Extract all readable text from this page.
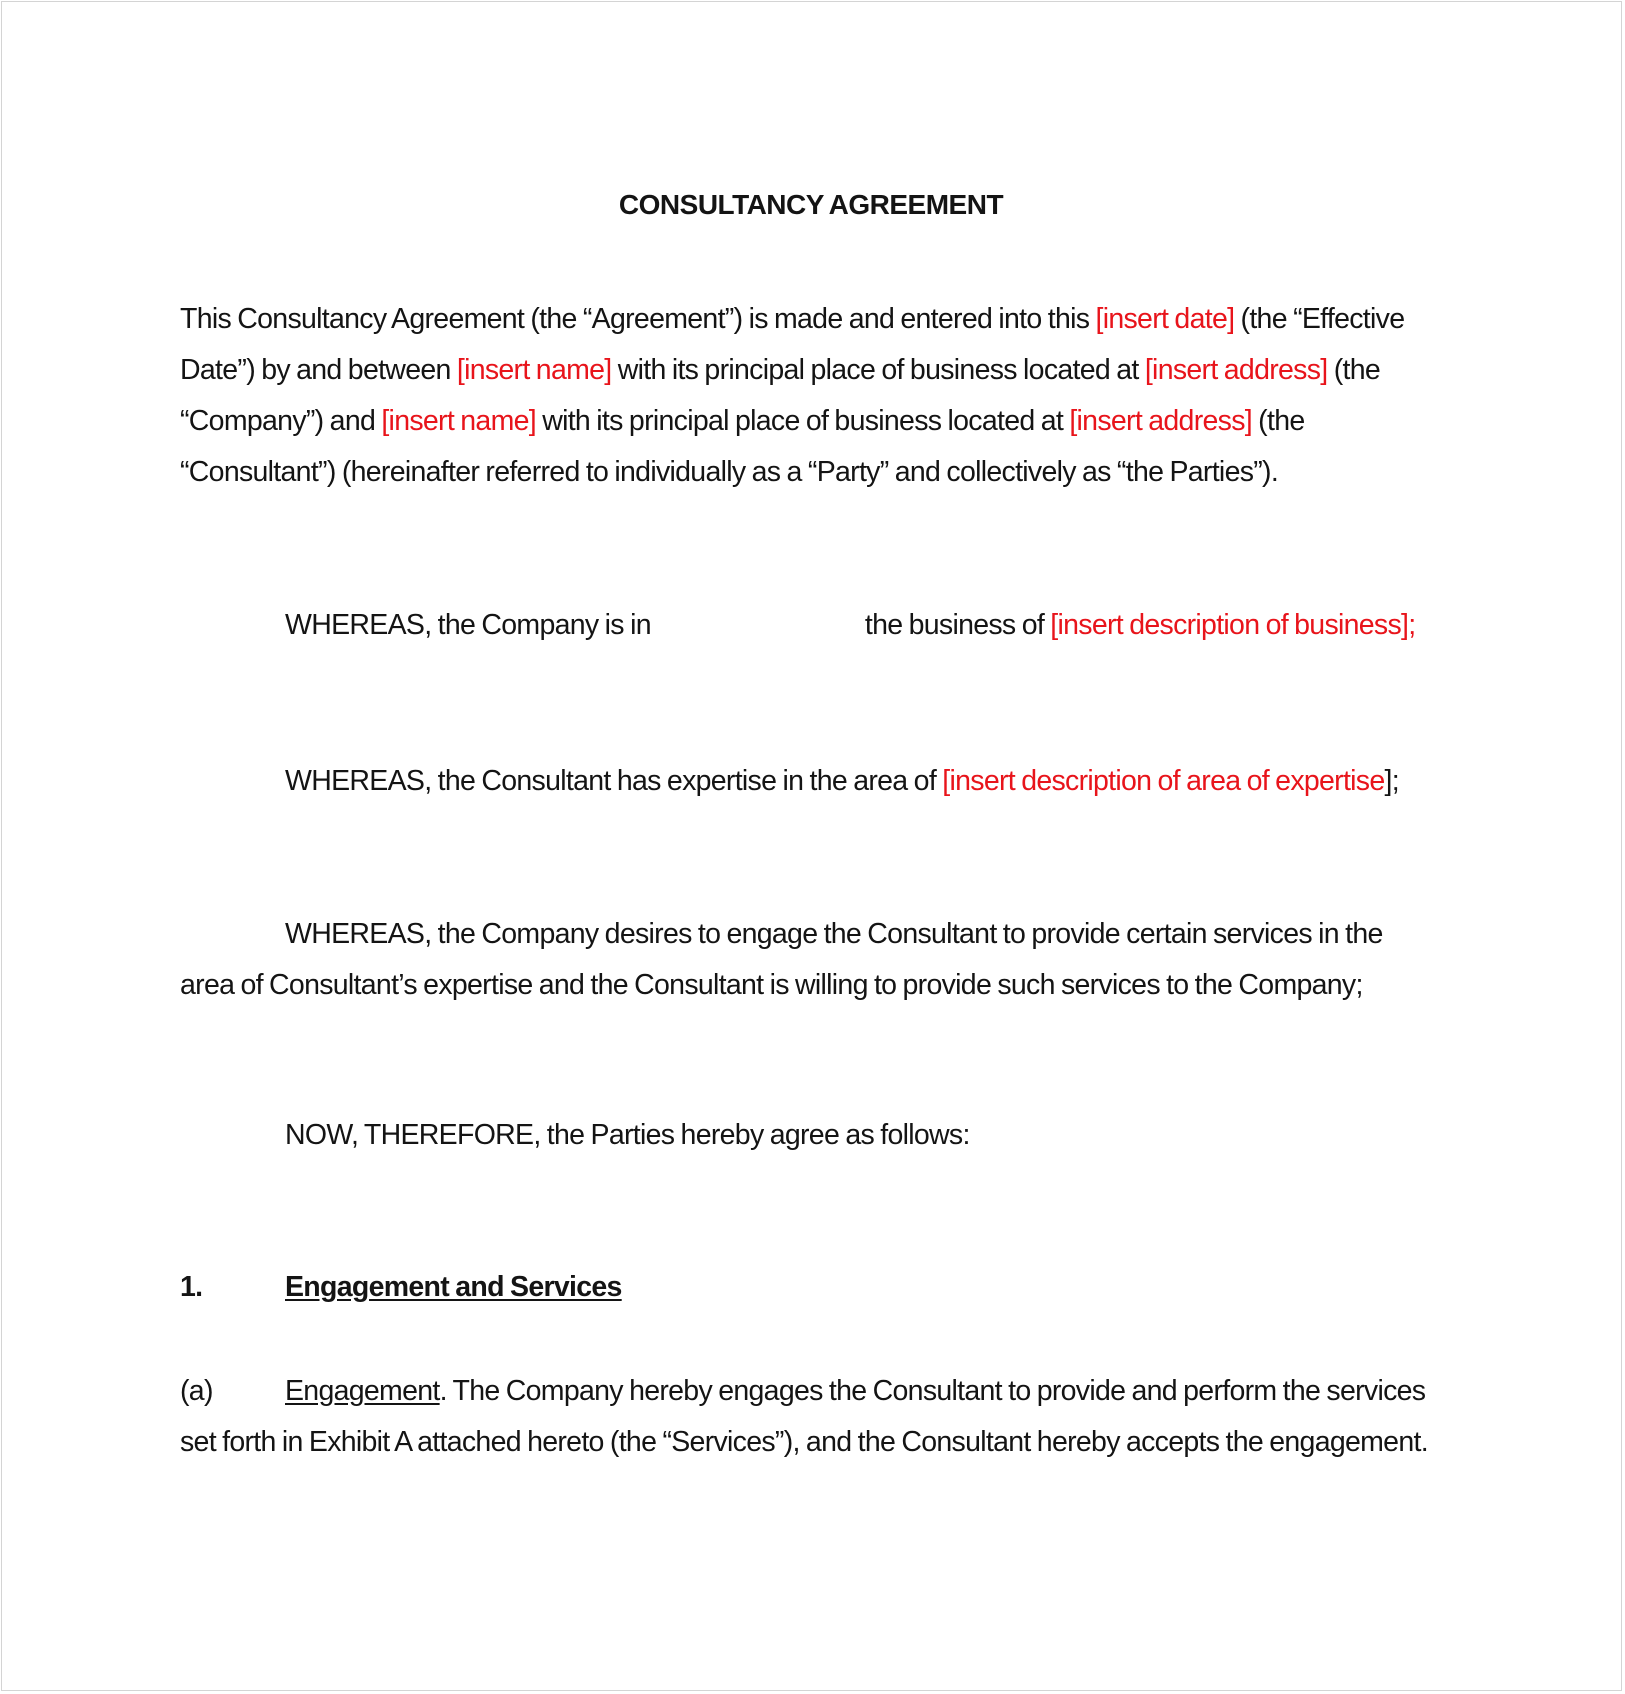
CONSULTANCY AGREEMENT

This Consultancy Agreement (the “Agreement”) is made and entered into this [insert date] (the “Effective Date”) by and between [insert name] with its principal place of business located at [insert address] (the “Company”) and [insert name] with its principal place of business located at [insert address] (the “Consultant”) (hereinafter referred to individually as a “Party” and collectively as “the Parties”).

WHEREAS, the Company is in	the business of [insert description of business];

WHEREAS, the Consultant has expertise in the area of [insert description of area of expertise];

WHEREAS, the Company desires to engage the Consultant to provide certain services in the area of Consultant’s expertise and the Consultant is willing to provide such services to the Company;

NOW, THEREFORE, the Parties hereby agree as follows:

1.	Engagement and Services

(a)	Engagement. The Company hereby engages the Consultant to provide and perform the services set forth in Exhibit A attached hereto (the “Services”), and the Consultant hereby accepts the engagement.
